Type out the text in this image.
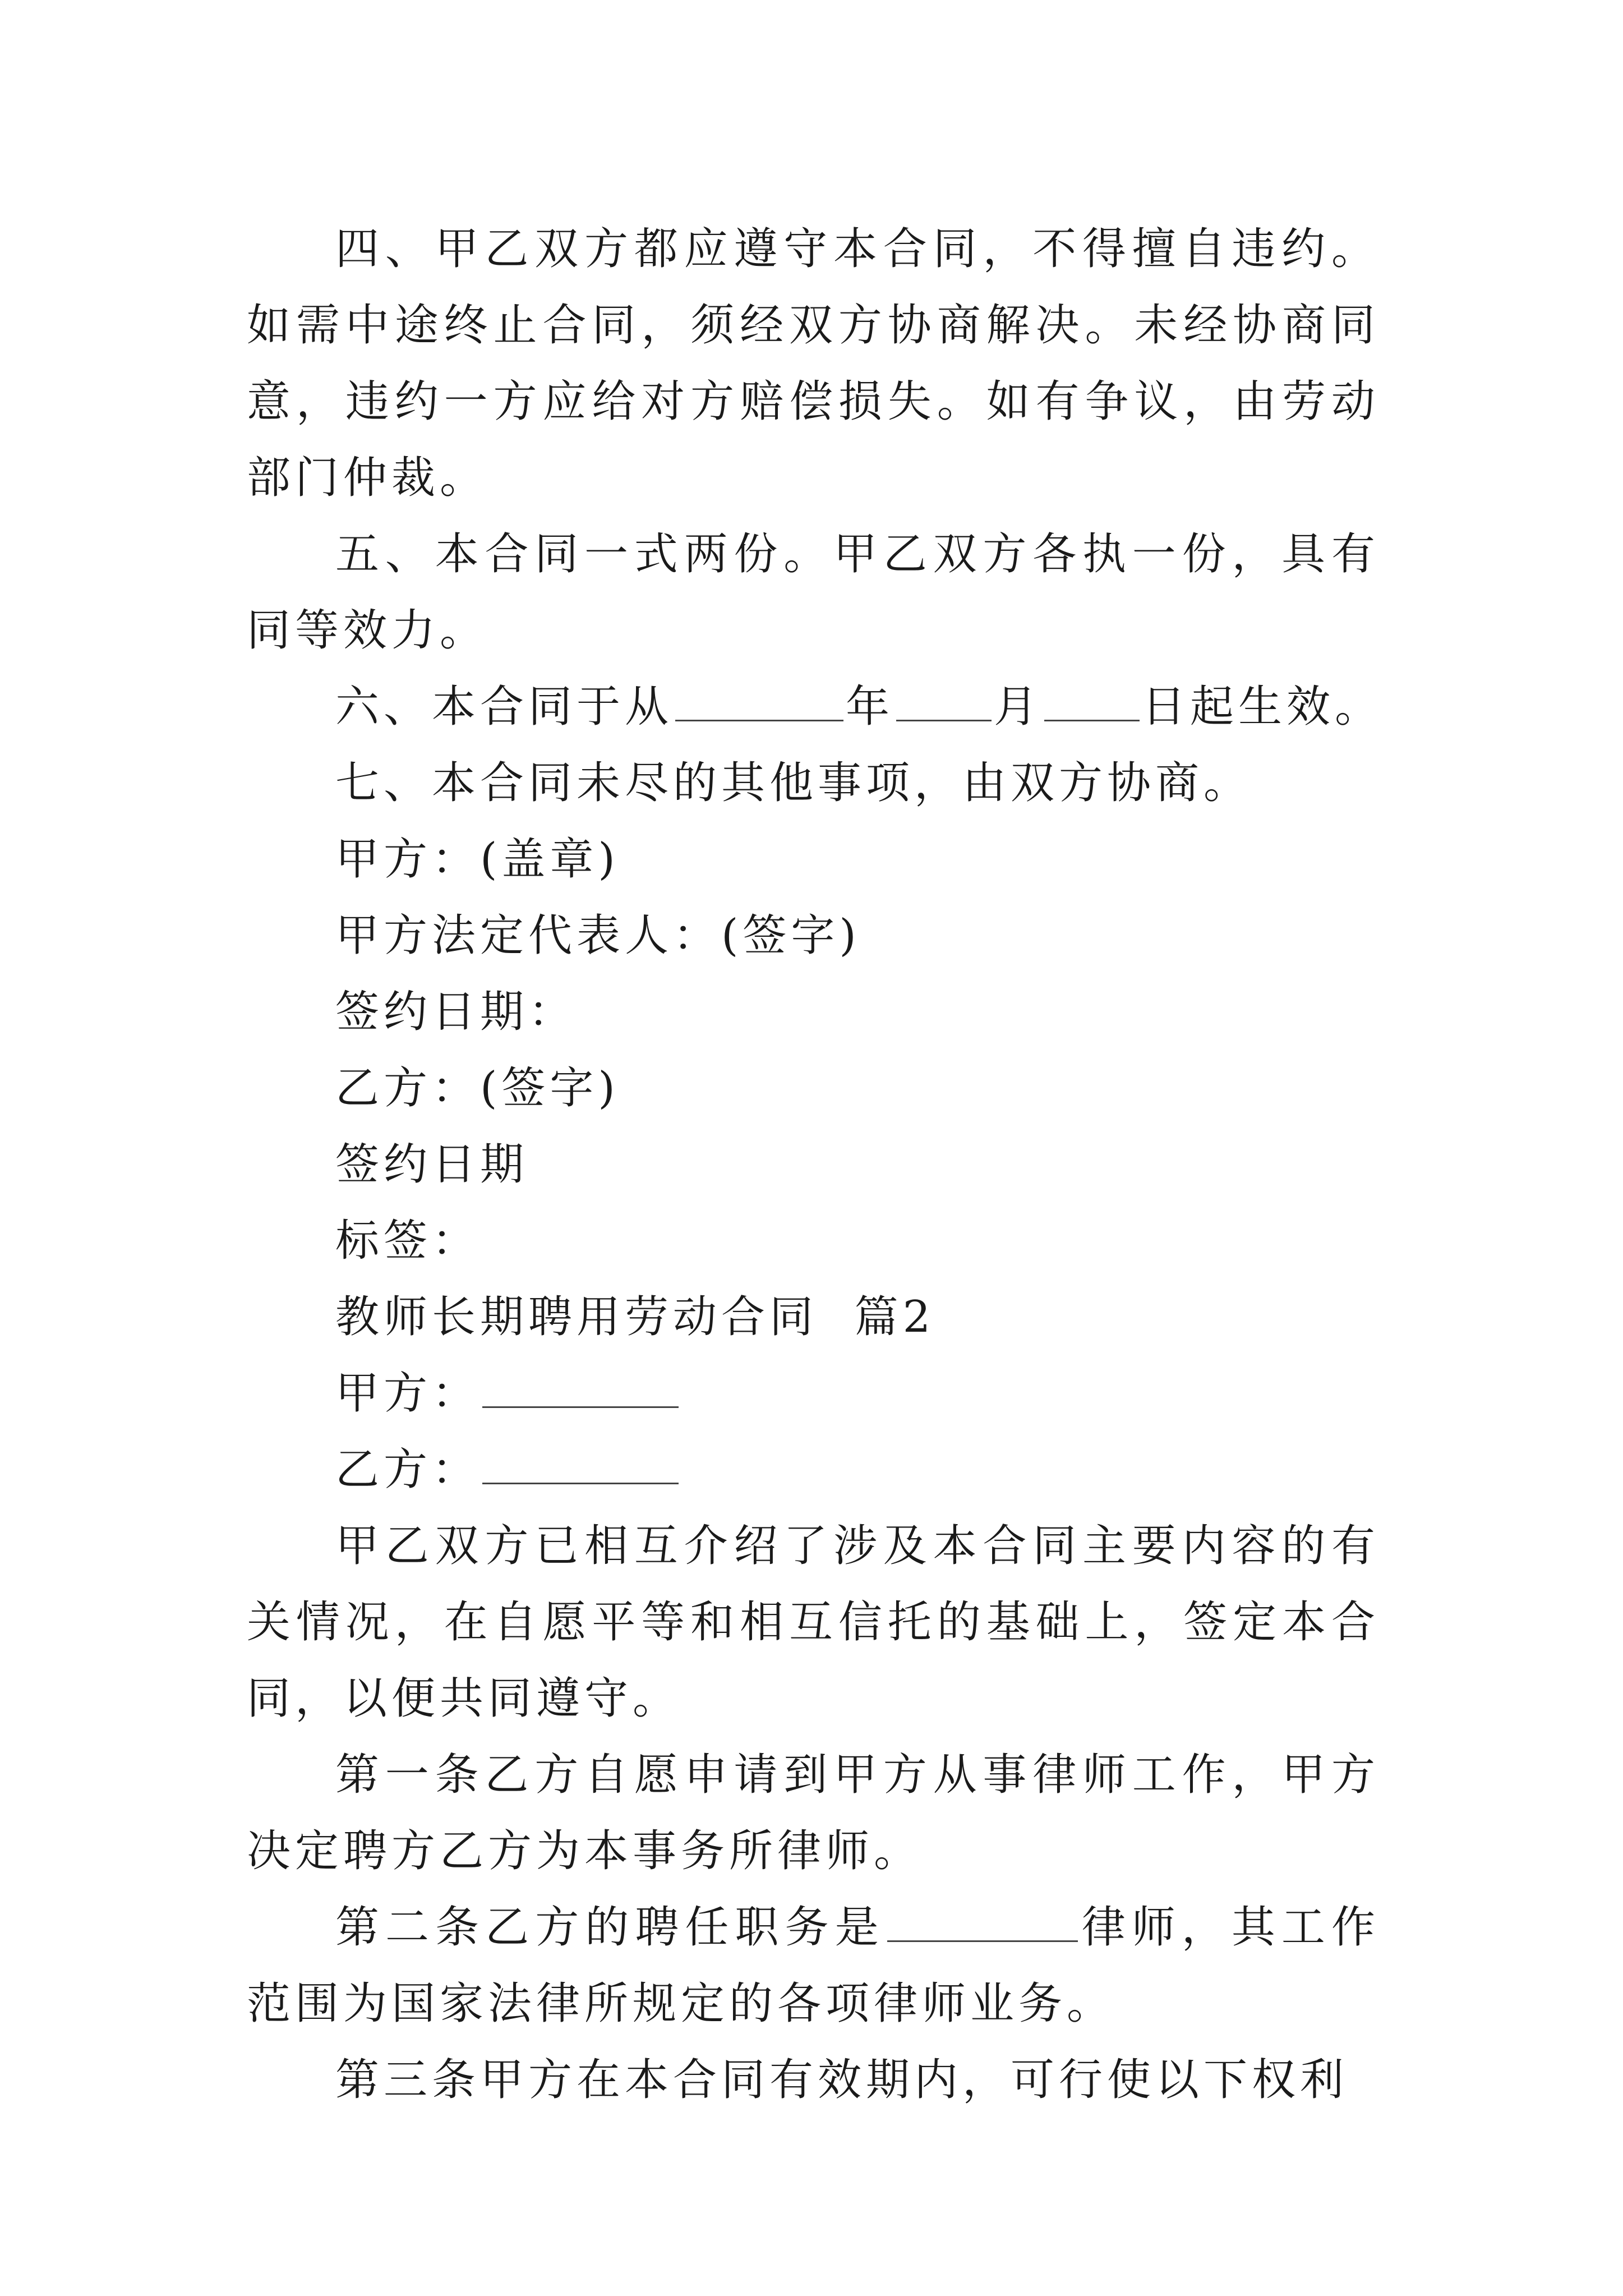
四、甲乙双方都应遵守本合同，不得擅自违约。如需中途终止合同，须经双方协商解决。未经协商同意，违约一方应给对方赔偿损失。如有争议，由劳动部门仲裁。

五、本合同一式两份。甲乙双方各执一份，具有同等效力。

六、本合同于从	年 月 日起生效。

七、本合同未尽的其他事项，由双方协商。

甲方：(盖章)

甲方法定代表人：(签字)

签约日期：

乙方：(签字)

签约日期

标签：

教师长期聘用劳动合同  篇2

甲方：

乙方：

甲乙双方已相互介绍了涉及本合同主要内容的有关情况，在自愿平等和相互信托的基础上，签定本合同，以便共同遵守。

第一条乙方自愿申请到甲方从事律师工作，甲方决定聘方乙方为本事务所律师。

第二条乙方的聘任职务是	律师，其工作范围为国家法律所规定的各项律师业务。

第三条甲方在本合同有效期内，可行使以下权利
